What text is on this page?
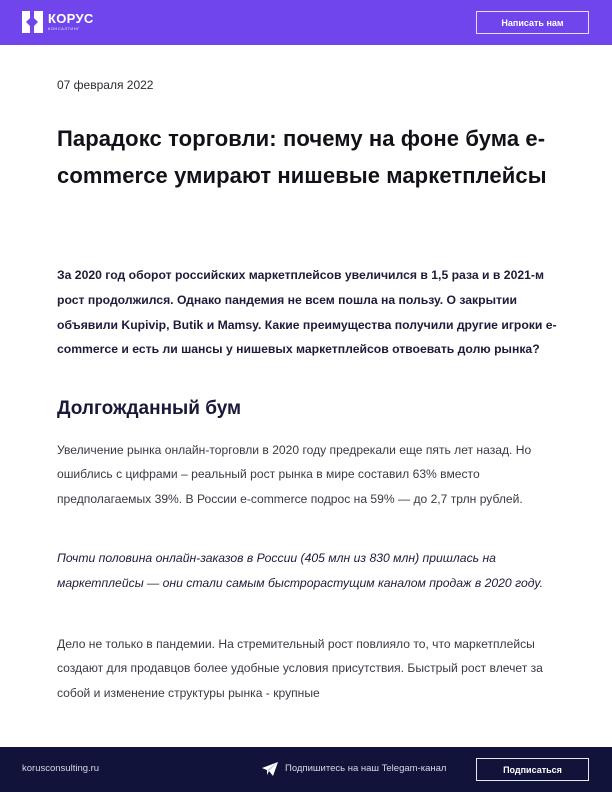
КОРУС
КОНСАЛТИНГ
Написать нам
07 февраля 2022
Парадокс торговли: почему на фоне бума e-commerce умирают нишевые маркетплейсы

За 2020 год оборот российских маркетплейсов увеличился в 1,5 раза и в 2021-м рост продолжился. Однако пандемия не всем пошла на пользу. О закрытии объявили Kupivip, Butik и Mamsy. Какие преимущества получили другие игроки e-commerce и есть ли шансы у нишевых маркетплейсов отвоевать долю рынка?

Долгожданный бум

Увеличение рынка онлайн-торговли в 2020 году предрекали еще пять лет назад. Но ошиблись с цифрами – реальный рост рынка в мире составил 63% вместо предполагаемых 39%. В России e-commerce подрос на 59% — до 2,7 трлн рублей.

Почти половина онлайн-заказов в России (405 млн из 830 млн) пришлась на маркетплейсы — они стали самым быстрорастущим каналом продаж в 2020 году.

Дело не только в пандемии. На стремительный рост повлияло то, что маркетплейсы создают для продавцов более удобные условия присутствия. Быстрый рост влечет за собой и изменение структуры рынка - крупные

korusconsulting.ru	Подпишитесь на наш Telegam-канал	Подписаться
